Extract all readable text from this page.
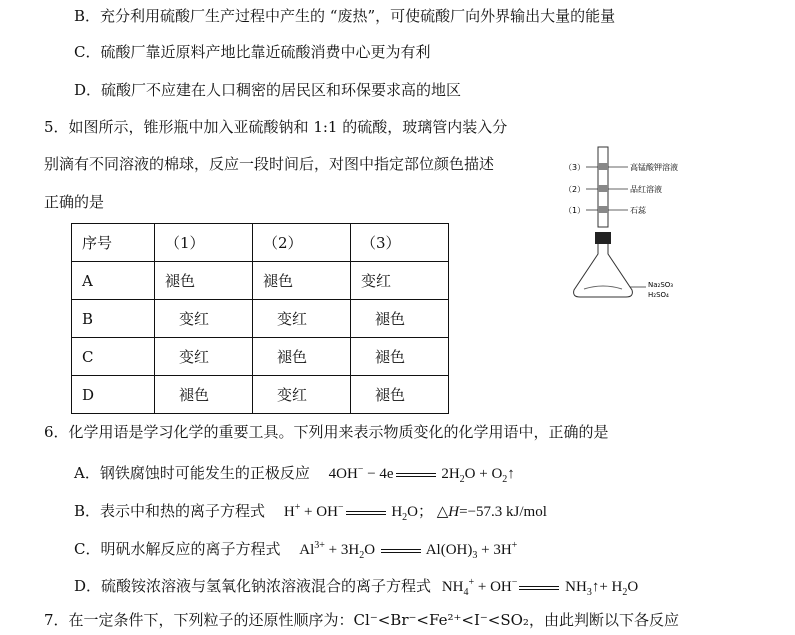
B．充分利用硫酸厂生产过程中产生的 “废热”，可使硫酸厂向外界输出大量的能量
C．硫酸厂靠近原料产地比靠近硫酸消费中心更为有利
D．硫酸厂不应建在人口稠密的居民区和环保要求高的地区
5．如图所示，锥形瓶中加入亚硫酸钠和 1:1 的硫酸，玻璃管内装入分
别滴有不同溶液的棉球，反应一段时间后，对图中指定部位颜色描述
正确的是
（3）
（2）
（1）
高锰酸钾溶液
品红溶液
石蕊
Na₂SO₃
H₂SO₄
序号	（1）	（2）	（3）
A	褪色	褪色	变红
B	变红	变红	褪色
C	变红	褪色	褪色
D	褪色	变红	褪色
6．化学用语是学习化学的重要工具。下列用来表示物质变化的化学用语中，正确的是
A．钢铁腐蚀时可能发生的正极反应 4OH− − 4e	$2H_2O$ + $O_2↑$
B．表示中和热的离子方程式 H+ + OH−	$H_2O$； △H=−57.3 kJ/mol
C．明矾水解反应的离子方程式 $Al^{3+} + 3H_2O$	$Al(OH)_3 + 3H^+$
D．硫酸铵浓溶液与氢氧化钠浓溶液混合的离子方程式 $NH_4^+ + OH^-$	$NH_3↑+ H_2O$
7．在一定条件下，下列粒子的还原性顺序为：Cl⁻<Br⁻<Fe²⁺<I⁻<SO₂，由此判断以下各反应
